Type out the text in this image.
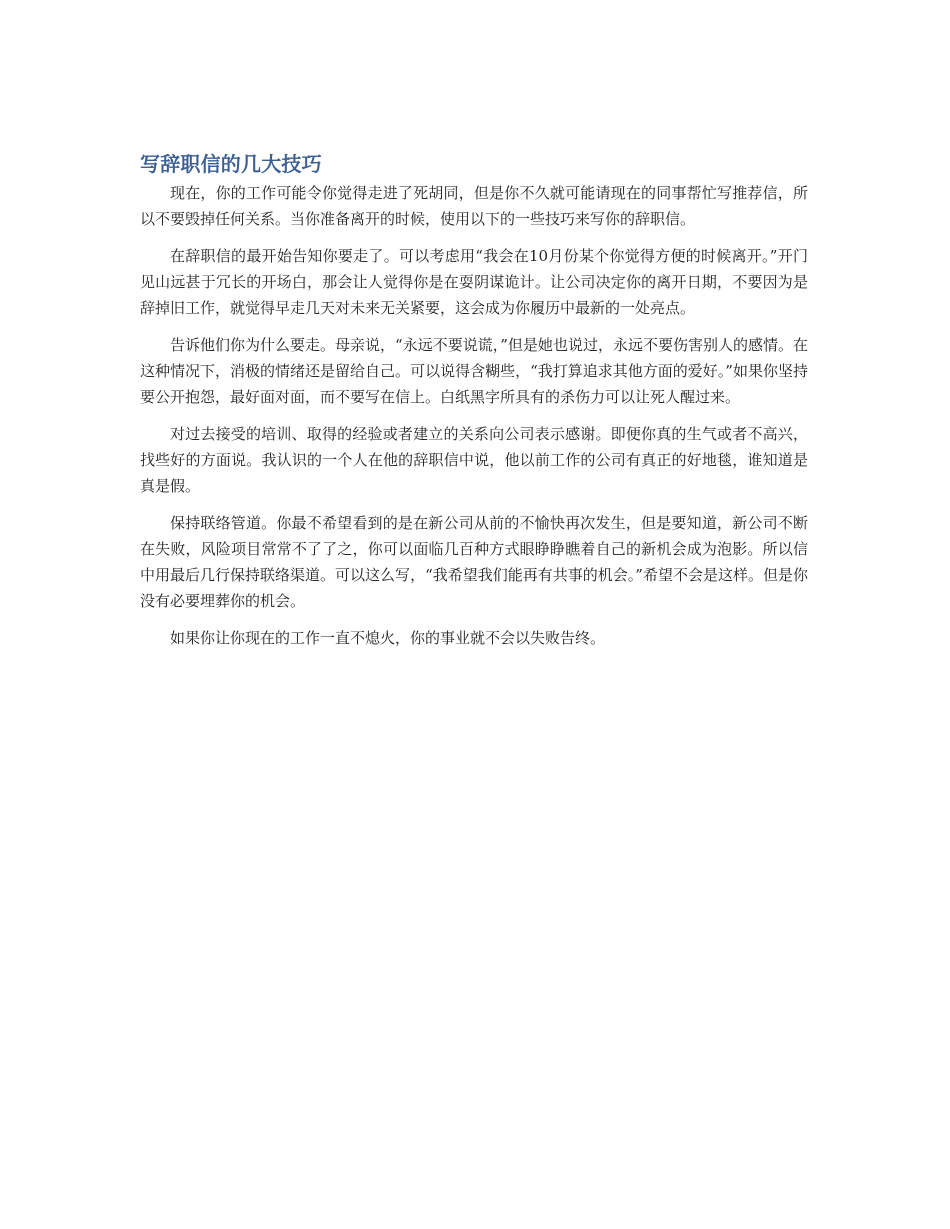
写辞职信的几大技巧

现在，你的工作可能令你觉得走进了死胡同，但是你不久就可能请现在的同事帮忙写推荐信，所以不要毁掉任何关系。当你准备离开的时候，使用以下的一些技巧来写你的辞职信。

在辞职信的最开始告知你要走了。可以考虑用“我会在10月份某个你觉得方便的时候离开。”开门见山远甚于冗长的开场白，那会让人觉得你是在耍阴谋诡计。让公司决定你的离开日期，不要因为是辞掉旧工作，就觉得早走几天对未来无关紧要，这会成为你履历中最新的一处亮点。

告诉他们你为什么要走。母亲说，“永远不要说谎，”但是她也说过，永远不要伤害别人的感情。在这种情况下，消极的情绪还是留给自己。可以说得含糊些，“我打算追求其他方面的爱好。”如果你坚持要公开抱怨，最好面对面，而不要写在信上。白纸黑字所具有的杀伤力可以让死人醒过来。

对过去接受的培训、取得的经验或者建立的关系向公司表示感谢。即便你真的生气或者不高兴，找些好的方面说。我认识的一个人在他的辞职信中说，他以前工作的公司有真正的好地毯，谁知道是真是假。

保持联络管道。你最不希望看到的是在新公司从前的不愉快再次发生，但是要知道，新公司不断在失败，风险项目常常不了了之，你可以面临几百种方式眼睁睁瞧着自己的新机会成为泡影。所以信中用最后几行保持联络渠道。可以这么写，“我希望我们能再有共事的机会。”希望不会是这样。但是你没有必要埋葬你的机会。

如果你让你现在的工作一直不熄火，你的事业就不会以失败告终。
